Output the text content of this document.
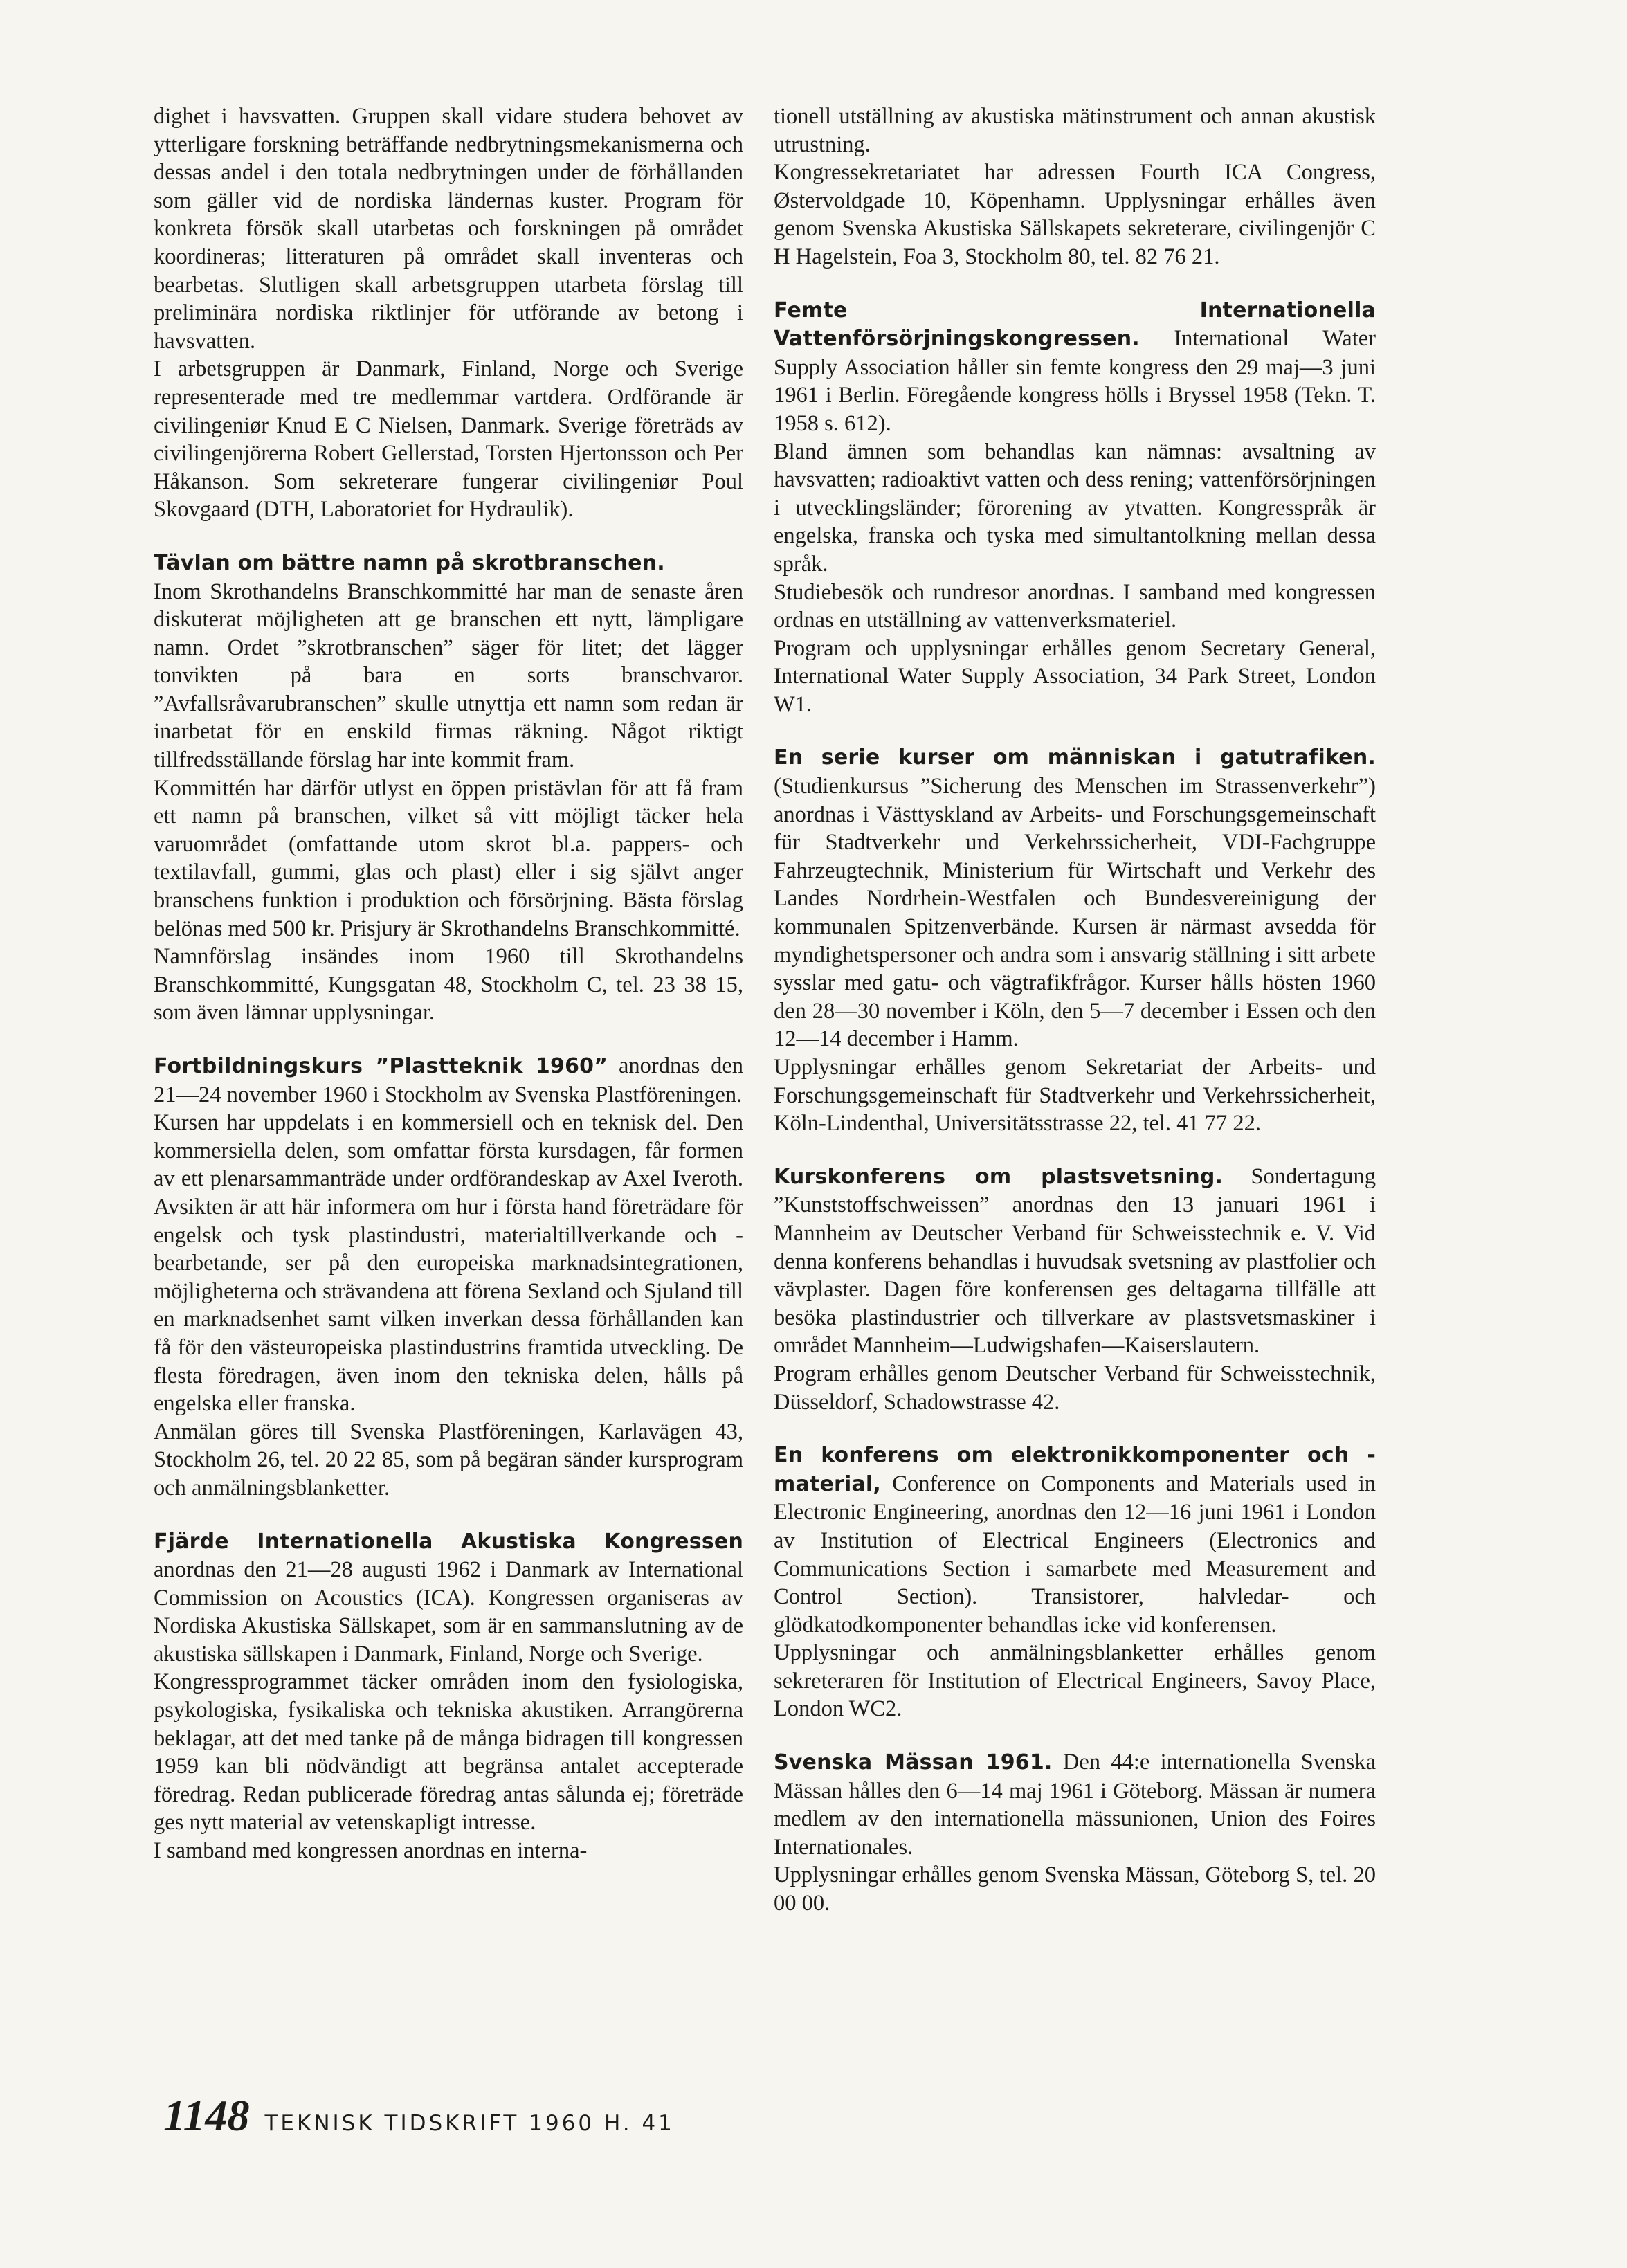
dighet i havsvatten. Gruppen skall vidare studera behovet av ytterligare forskning beträffande nedbrytningsmekanismerna och dessas andel i den totala nedbrytningen under de förhållanden som gäller vid de nordiska ländernas kuster. Program för konkreta försök skall utarbetas och forskningen på området koordineras; litteraturen på området skall inventeras och bearbetas. Slutligen skall arbetsgruppen utarbeta förslag till preliminära nordiska riktlinjer för utförande av betong i havsvatten.

I arbetsgruppen är Danmark, Finland, Norge och Sverige representerade med tre medlemmar vartdera. Ordförande är civilingeniør Knud E C Nielsen, Danmark. Sverige företräds av civilingenjörerna Robert Gellerstad, Torsten Hjertonsson och Per Håkanson. Som sekreterare fungerar civilingeniør Poul Skovgaard (DTH, Laboratoriet for Hydraulik).

Tävlan om bättre namn på skrotbranschen.
Inom Skrothandelns Branschkommitté har man de senaste åren diskuterat möjligheten att ge branschen ett nytt, lämpligare namn. Ordet ”skrotbranschen” säger för litet; det lägger tonvikten på bara en sorts branschvaror. ”Avfallsråvarubranschen” skulle utnyttja ett namn som redan är inarbetat för en enskild firmas räkning. Något riktigt tillfredsställande förslag har inte kommit fram.

Kommittén har därför utlyst en öppen pristävlan för att få fram ett namn på branschen, vilket så vitt möjligt täcker hela varuområdet (omfattande utom skrot bl.a. pappers- och textilavfall, gummi, glas och plast) eller i sig självt anger branschens funktion i produktion och försörjning. Bästa förslag belönas med 500 kr. Prisjury är Skrothandelns Branschkommitté.

Namnförslag insändes inom 1960 till Skrothandelns Branschkommitté, Kungsgatan 48, Stockholm C, tel. 23 38 15, som även lämnar upplysningar.

Fortbildningskurs ”Plastteknik 1960” anordnas den 21—24 november 1960 i Stockholm av Svenska Plastföreningen.

Kursen har uppdelats i en kommersiell och en teknisk del. Den kommersiella delen, som omfattar första kursdagen, får formen av ett plenarsammanträde under ordförandeskap av Axel Iveroth. Avsikten är att här informera om hur i första hand företrädare för engelsk och tysk plastindustri, materialtillverkande och -bearbetande, ser på den europeiska marknadsintegrationen, möjligheterna och strävandena att förena Sexland och Sjuland till en marknadsenhet samt vilken inverkan dessa förhållanden kan få för den västeuropeiska plastindustrins framtida utveckling. De flesta föredragen, även inom den tekniska delen, hålls på engelska eller franska.

Anmälan göres till Svenska Plastföreningen, Karlavägen 43, Stockholm 26, tel. 20 22 85, som på begäran sänder kursprogram och anmälningsblanketter.

Fjärde Internationella Akustiska Kongressen anordnas den 21—28 augusti 1962 i Danmark av International Commission on Acoustics (ICA). Kongressen organiseras av Nordiska Akustiska Sällskapet, som är en sammanslutning av de akustiska sällskapen i Danmark, Finland, Norge och Sverige.

Kongressprogrammet täcker områden inom den fysiologiska, psykologiska, fysikaliska och tekniska akustiken. Arrangörerna beklagar, att det med tanke på de många bidragen till kongressen 1959 kan bli nödvändigt att begränsa antalet accepterade föredrag. Redan publicerade föredrag antas sålunda ej; företräde ges nytt material av vetenskapligt intresse.

I samband med kongressen anordnas en interna-

tionell utställning av akustiska mätinstrument och annan akustisk utrustning.

Kongressekretariatet har adressen Fourth ICA Congress, Østervoldgade 10, Köpenhamn. Upplysningar erhålles även genom Svenska Akustiska Sällskapets sekreterare, civilingenjör C H Hagelstein, Foa 3, Stockholm 80, tel. 82 76 21.

Femte Internationella Vattenförsörjningskongressen. International Water Supply Association håller sin femte kongress den 29 maj—3 juni 1961 i Berlin. Föregående kongress hölls i Bryssel 1958 (Tekn. T. 1958 s. 612).

Bland ämnen som behandlas kan nämnas: avsaltning av havsvatten; radioaktivt vatten och dess rening; vattenförsörjningen i utvecklingsländer; förorening av ytvatten. Kongresspråk är engelska, franska och tyska med simultantolkning mellan dessa språk.

Studiebesök och rundresor anordnas. I samband med kongressen ordnas en utställning av vattenverksmateriel.

Program och upplysningar erhålles genom Secretary General, International Water Supply Association, 34 Park Street, London W1.

En serie kurser om människan i gatutrafiken. (Studienkursus ”Sicherung des Menschen im Strassenverkehr”) anordnas i Västtyskland av Arbeits- und Forschungsgemeinschaft für Stadtverkehr und Verkehrssicherheit, VDI-Fachgruppe Fahrzeugtechnik, Ministerium für Wirtschaft und Verkehr des Landes Nordrhein-Westfalen och Bundesvereinigung der kommunalen Spitzenverbände. Kursen är närmast avsedda för myndighetspersoner och andra som i ansvarig ställning i sitt arbete sysslar med gatu- och vägtrafikfrågor. Kurser hålls hösten 1960 den 28—30 november i Köln, den 5—7 december i Essen och den 12—14 december i Hamm.

Upplysningar erhålles genom Sekretariat der Arbeits- und Forschungsgemeinschaft für Stadtverkehr und Verkehrssicherheit, Köln-Lindenthal, Universitätsstrasse 22, tel. 41 77 22.

Kurskonferens om plastsvetsning. Sondertagung ”Kunststoffschweissen” anordnas den 13 januari 1961 i Mannheim av Deutscher Verband für Schweisstechnik e. V. Vid denna konferens behandlas i huvudsak svetsning av plastfolier och vävplaster. Dagen före konferensen ges deltagarna tillfälle att besöka plastindustrier och tillverkare av plastsvetsmaskiner i området Mannheim—Ludwigshafen—Kaiserslautern.

Program erhålles genom Deutscher Verband für Schweisstechnik, Düsseldorf, Schadowstrasse 42.

En konferens om elektronikkomponenter och -material, Conference on Components and Materials used in Electronic Engineering, anordnas den 12—16 juni 1961 i London av Institution of Electrical Engineers (Electronics and Communications Section i samarbete med Measurement and Control Section). Transistorer, halvledar- och glödkatodkomponenter behandlas icke vid konferensen.

Upplysningar och anmälningsblanketter erhålles genom sekreteraren för Institution of Electrical Engineers, Savoy Place, London WC2.

Svenska Mässan 1961. Den 44:e internationella Svenska Mässan hålles den 6—14 maj 1961 i Göteborg. Mässan är numera medlem av den internationella mässunionen, Union des Foires Internationales.

Upplysningar erhålles genom Svenska Mässan, Göteborg S, tel. 20 00 00.

1148 TEKNISK TIDSKRIFT 1960 H. 41
